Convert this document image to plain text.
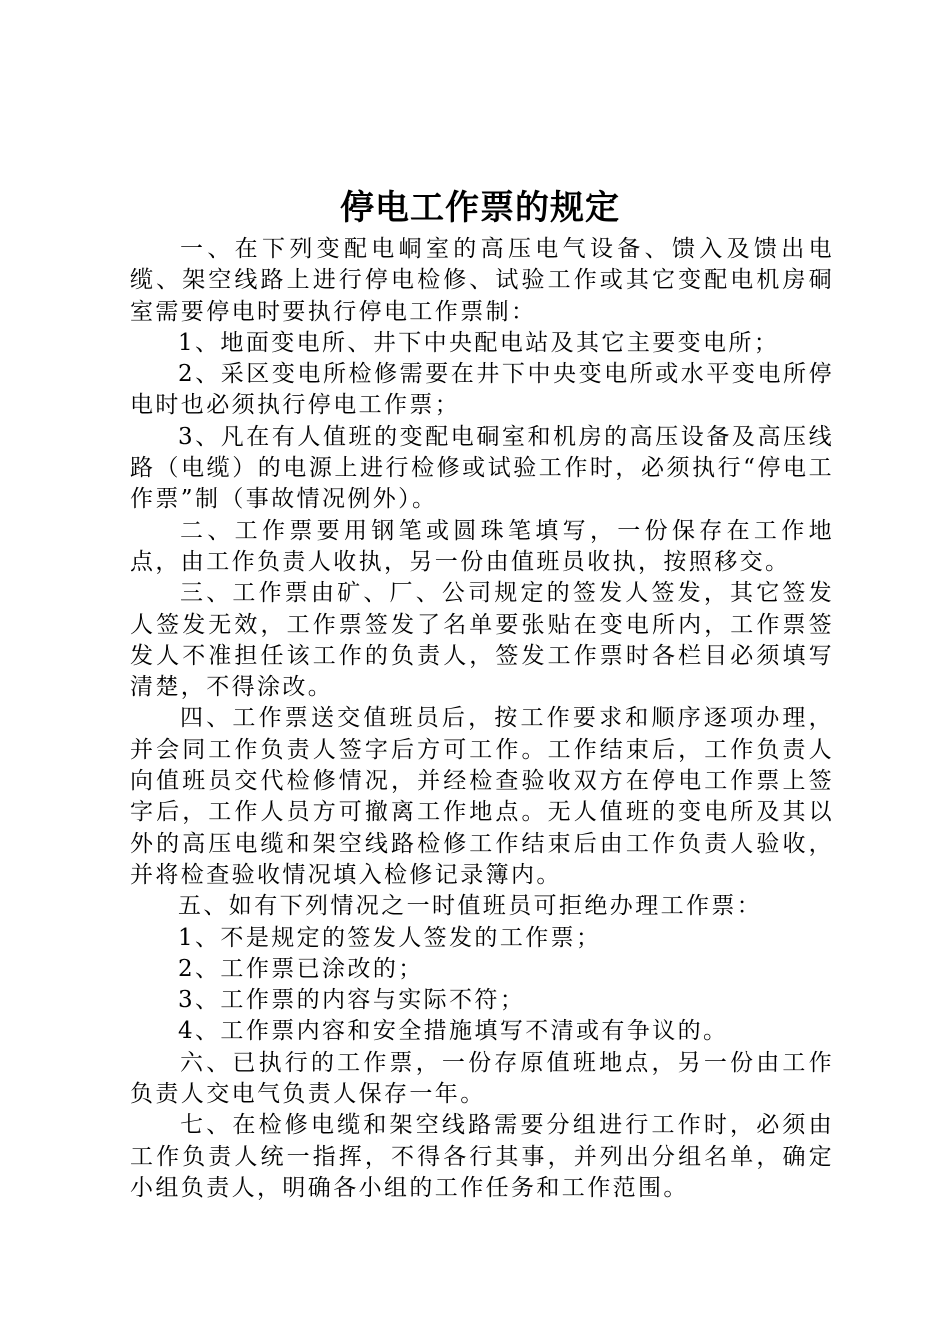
停电工作票的规定

一、在下列变配电峒室的高压电气设备、馈入及馈出电缆、架空线路上进行停电检修、试验工作或其它变配电机房硐室需要停电时要执行停电工作票制：

1、地面变电所、井下中央配电站及其它主要变电所；

2、采区变电所检修需要在井下中央变电所或水平变电所停电时也必须执行停电工作票；

3、凡在有人值班的变配电硐室和机房的高压设备及高压线路（电缆）的电源上进行检修或试验工作时，必须执行“停电工作票”制（事故情况例外）。

二、工作票要用钢笔或圆珠笔填写，一份保存在工作地点，由工作负责人收执，另一份由值班员收执，按照移交。

三、工作票由矿、厂、公司规定的签发人签发，其它签发人签发无效，工作票签发了名单要张贴在变电所内，工作票签发人不准担任该工作的负责人，签发工作票时各栏目必须填写清楚，不得涂改。

四、工作票送交值班员后，按工作要求和顺序逐项办理，并会同工作负责人签字后方可工作。工作结束后，工作负责人向值班员交代检修情况，并经检查验收双方在停电工作票上签字后，工作人员方可撤离工作地点。无人值班的变电所及其以外的高压电缆和架空线路检修工作结束后由工作负责人验收，并将检查验收情况填入检修记录簿内。

五、如有下列情况之一时值班员可拒绝办理工作票：

1、不是规定的签发人签发的工作票；

2、工作票已涂改的；

3、工作票的内容与实际不符；

4、工作票内容和安全措施填写不清或有争议的。

六、已执行的工作票，一份存原值班地点，另一份由工作负责人交电气负责人保存一年。

七、在检修电缆和架空线路需要分组进行工作时，必须由工作负责人统一指挥，不得各行其事，并列出分组名单，确定小组负责人，明确各小组的工作任务和工作范围。
